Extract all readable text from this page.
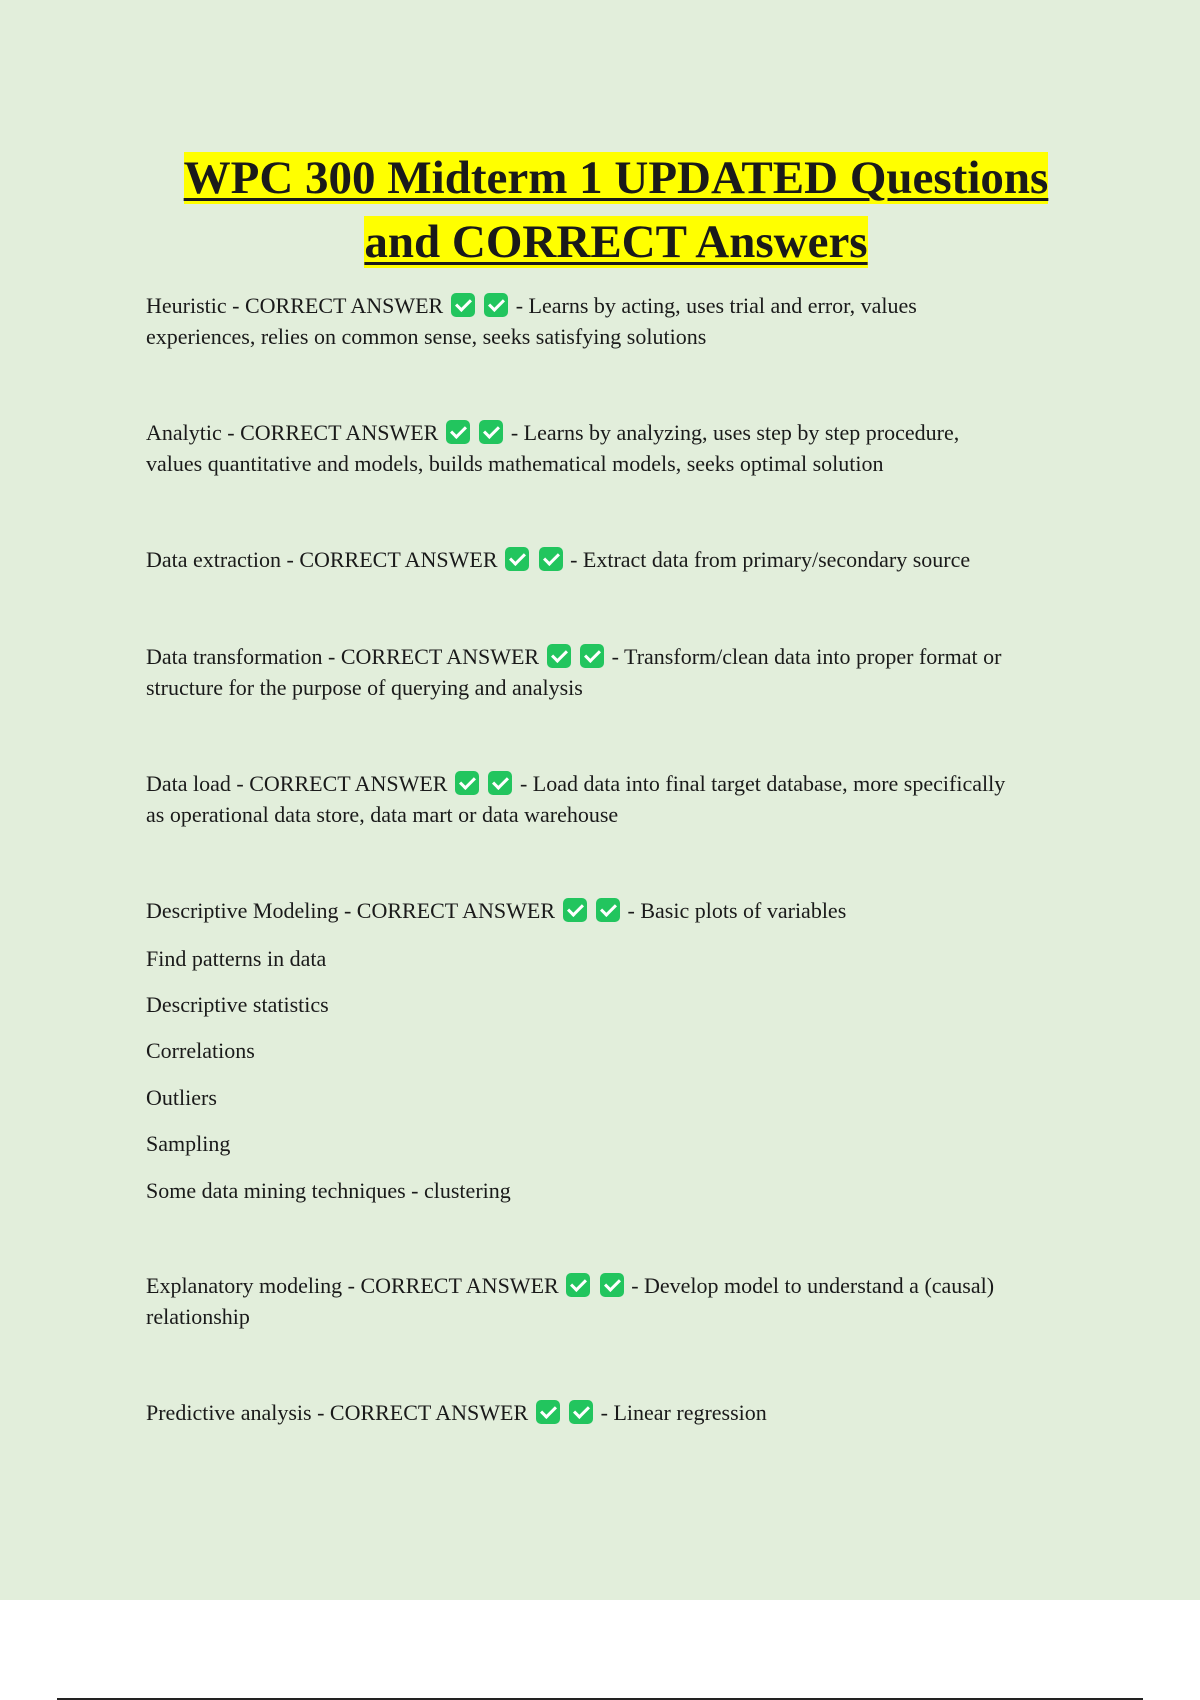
WPC 300 Midterm 1 UPDATED Questions
and CORRECT Answers

Heuristic - CORRECT ANSWER	- Learns by acting, uses trial and error, values
experiences, relies on common sense, seeks satisfying solutions

Analytic - CORRECT ANSWER	- Learns by analyzing, uses step by step procedure,
values quantitative and models, builds mathematical models, seeks optimal solution

Data extraction - CORRECT ANSWER	- Extract data from primary/secondary source

Data transformation - CORRECT ANSWER	- Transform/clean data into proper format or
structure for the purpose of querying and analysis

Data load - CORRECT ANSWER	- Load data into final target database, more specifically
as operational data store, data mart or data warehouse

Descriptive Modeling - CORRECT ANSWER	- Basic plots of variables

Find patterns in data

Descriptive statistics

Correlations

Outliers

Sampling

Some data mining techniques - clustering

Explanatory modeling - CORRECT ANSWER	- Develop model to understand a (causal)
relationship

Predictive analysis - CORRECT ANSWER	- Linear regression
